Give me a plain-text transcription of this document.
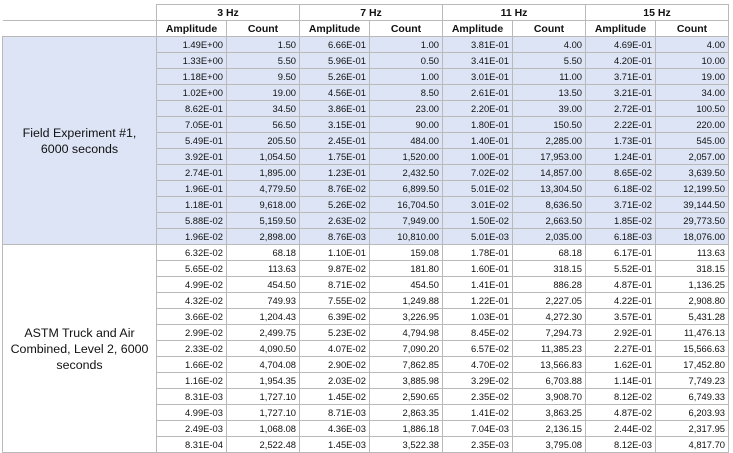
	3 Hz		7 Hz		11 Hz		15 Hz	
	Amplitude	Count	Amplitude	Count	Amplitude	Count	Amplitude	Count
Field Experiment #1, 6000 seconds	1.49E+00	1.50	6.66E-01	1.00	3.81E-01	4.00	4.69E-01	4.00
	1.33E+00	5.50	5.96E-01	0.50	3.41E-01	5.50	4.20E-01	10.00
	1.18E+00	9.50	5.26E-01	1.00	3.01E-01	11.00	3.71E-01	19.00
	1.02E+00	19.00	4.56E-01	8.50	2.61E-01	13.50	3.21E-01	34.00
	8.62E-01	34.50	3.86E-01	23.00	2.20E-01	39.00	2.72E-01	100.50
	7.05E-01	56.50	3.15E-01	90.00	1.80E-01	150.50	2.22E-01	220.00
	5.49E-01	205.50	2.45E-01	484.00	1.40E-01	2,285.00	1.73E-01	545.00
	3.92E-01	1,054.50	1.75E-01	1,520.00	1.00E-01	17,953.00	1.24E-01	2,057.00
	2.74E-01	1,895.00	1.23E-01	2,432.50	7.02E-02	14,857.00	8.65E-02	3,639.50
	1.96E-01	4,779.50	8.76E-02	6,899.50	5.01E-02	13,304.50	6.18E-02	12,199.50
	1.18E-01	9,618.00	5.26E-02	16,704.50	3.01E-02	8,636.50	3.71E-02	39,144.50
	5.88E-02	5,159.50	2.63E-02	7,949.00	1.50E-02	2,663.50	1.85E-02	29,773.50
	1.96E-02	2,898.00	8.76E-03	10,810.00	5.01E-03	2,035.00	6.18E-03	18,076.00
ASTM Truck and Air Combined, Level 2, 6000 seconds	6.32E-02	68.18	1.10E-01	159.08	1.78E-01	68.18	6.17E-01	113.63
	5.65E-02	113.63	9.87E-02	181.80	1.60E-01	318.15	5.52E-01	318.15
	4.99E-02	454.50	8.71E-02	454.50	1.41E-01	886.28	4.87E-01	1,136.25
	4.32E-02	749.93	7.55E-02	1,249.88	1.22E-01	2,227.05	4.22E-01	2,908.80
	3.66E-02	1,204.43	6.39E-02	3,226.95	1.03E-01	4,272.30	3.57E-01	5,431.28
	2.99E-02	2,499.75	5.23E-02	4,794.98	8.45E-02	7,294.73	2.92E-01	11,476.13
	2.33E-02	4,090.50	4.07E-02	7,090.20	6.57E-02	11,385.23	2.27E-01	15,566.63
	1.66E-02	4,704.08	2.90E-02	7,862.85	4.70E-02	13,566.83	1.62E-01	17,452.80
	1.16E-02	1,954.35	2.03E-02	3,885.98	3.29E-02	6,703.88	1.14E-01	7,749.23
	8.31E-03	1,727.10	1.45E-02	2,590.65	2.35E-02	3,908.70	8.12E-02	6,749.33
	4.99E-03	1,727.10	8.71E-03	2,863.35	1.41E-02	3,863.25	4.87E-02	6,203.93
	2.49E-03	1,068.08	4.36E-03	1,886.18	7.04E-03	2,136.15	2.44E-02	2,317.95
	8.31E-04	2,522.48	1.45E-03	3,522.38	2.35E-03	3,795.08	8.12E-03	4,817.70
